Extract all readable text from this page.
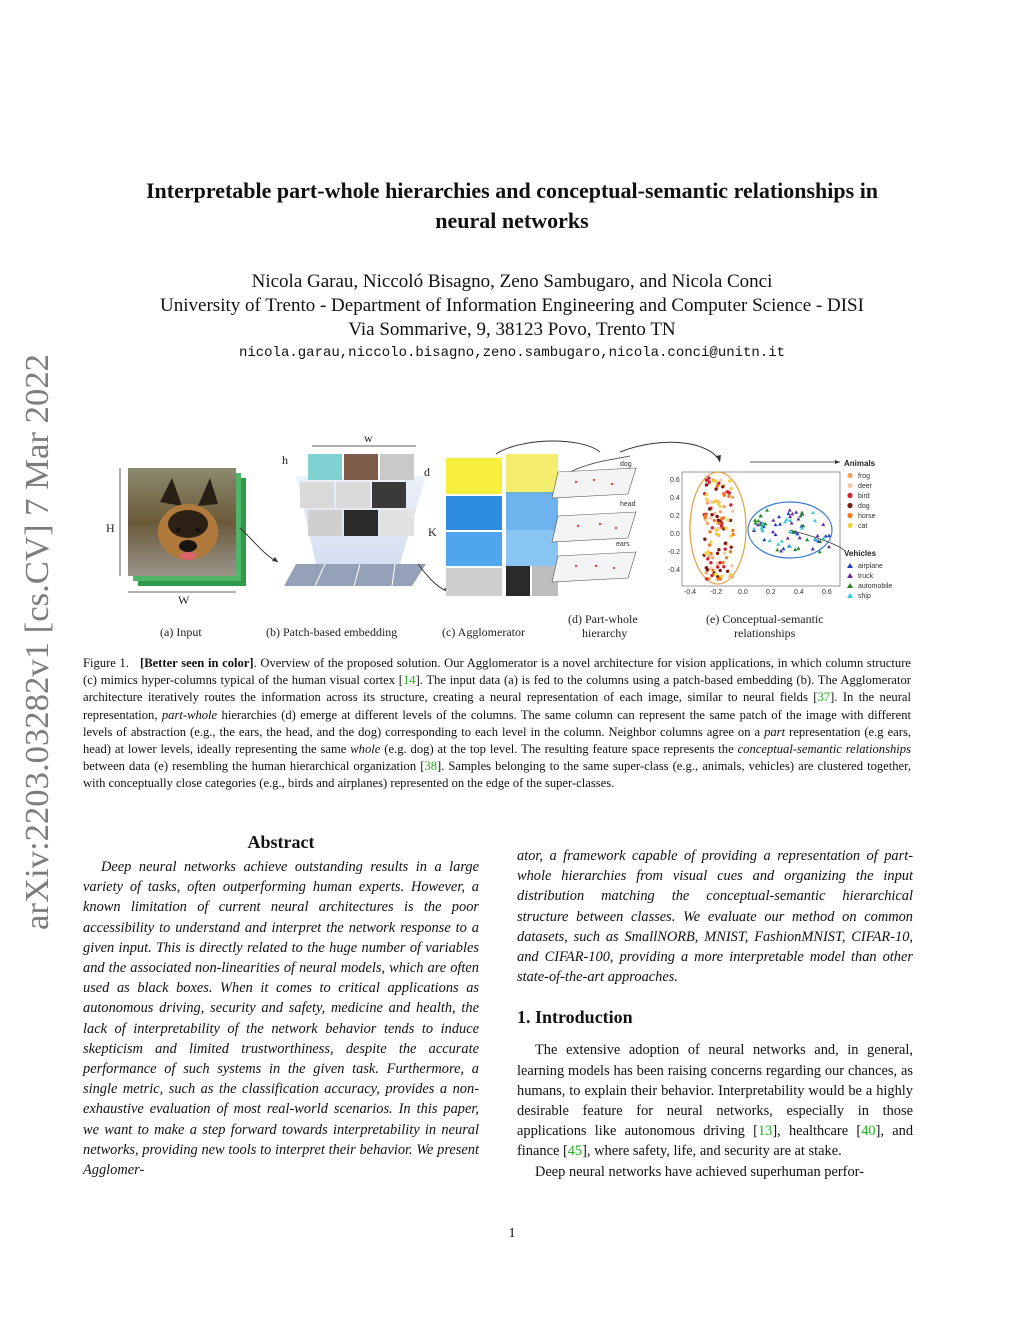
arXiv:2203.03282v1 [cs.CV] 7 Mar 2022
Interpretable part-whole hierarchies and conceptual-semantic relationships in
neural networks
Nicola Garau, Niccoló Bisagno, Zeno Sambugaro, and Nicola Conci
University of Trento - Department of Information Engineering and Computer Science - DISI
Via Sommarive, 9, 38123 Povo, Trento TN
nicola.garau,niccolo.bisagno,zeno.sambugaro,nicola.conci@unitn.it
H
W
h
w
d
K
dog
head
ears
-0.4 -0.2 0.0	0.2	0.4	0.6
0.6
0.4
0.2
0.0
-0.2
-0.4
Animals
frog
deer
bird
dog
horse
cat
Vehicles
airplane
truck
automobile
ship
(a) Input	(b) Patch-based embedding	(c) Agglomerator
(d) Part-whole
hierarchy
(e) Conceptual-semantic
relationships
Figure 1. [Better seen in color]. Overview of the proposed solution. Our Agglomerator is a novel architecture for vision applications, in which column structure (c) mimics hyper-columns typical of the human visual cortex [14]. The input data (a) is fed to the columns using a patch-based embedding (b). The Agglomerator architecture iteratively routes the information across its structure, creating a neural representation of each image, similar to neural fields [37]. In the neural representation, part-whole hierarchies (d) emerge at different levels of the columns. The same column can represent the same patch of the image with different levels of abstraction (e.g., the ears, the head, and the dog) corresponding to each level in the column. Neighbor columns agree on a part representation (e.g ears, head) at lower levels, ideally representing the same whole (e.g. dog) at the top level. The resulting feature space represents the conceptual-semantic relationships between data (e) resembling the human hierarchical organization [38]. Samples belonging to the same super-class (e.g., animals, vehicles) are clustered together, with conceptually close categories (e.g., birds and airplanes) represented on the edge of the super-classes.
Abstract

Deep neural networks achieve outstanding results in a large variety of tasks, often outperforming human experts. However, a known limitation of current neural architectures is the poor accessibility to understand and interpret the network response to a given input. This is directly related to the huge number of variables and the associated non-linearities of neural models, which are often used as black boxes. When it comes to critical applications as autonomous driving, security and safety, medicine and health, the lack of interpretability of the network behavior tends to induce skepticism and limited trustworthiness, despite the accurate performance of such systems in the given task. Furthermore, a single metric, such as the classification accuracy, provides a non-exhaustive evaluation of most real-world scenarios. In this paper, we want to make a step forward towards interpretability in neural networks, providing new tools to interpret their behavior. We present Agglomer-

ator, a framework capable of providing a representation of part-whole hierarchies from visual cues and organizing the input distribution matching the conceptual-semantic hierarchical structure between classes. We evaluate our method on common datasets, such as SmallNORB, MNIST, FashionMNIST, CIFAR-10, and CIFAR-100, providing a more interpretable model than other state-of-the-art approaches.

1. Introduction

The extensive adoption of neural networks and, in general, learning models has been raising concerns regarding our chances, as humans, to explain their behavior. Interpretability would be a highly desirable feature for neural networks, especially in those applications like autonomous driving [13], healthcare [40], and finance [45], where safety, life, and security are at stake.

Deep neural networks have achieved superhuman perfor-

1
